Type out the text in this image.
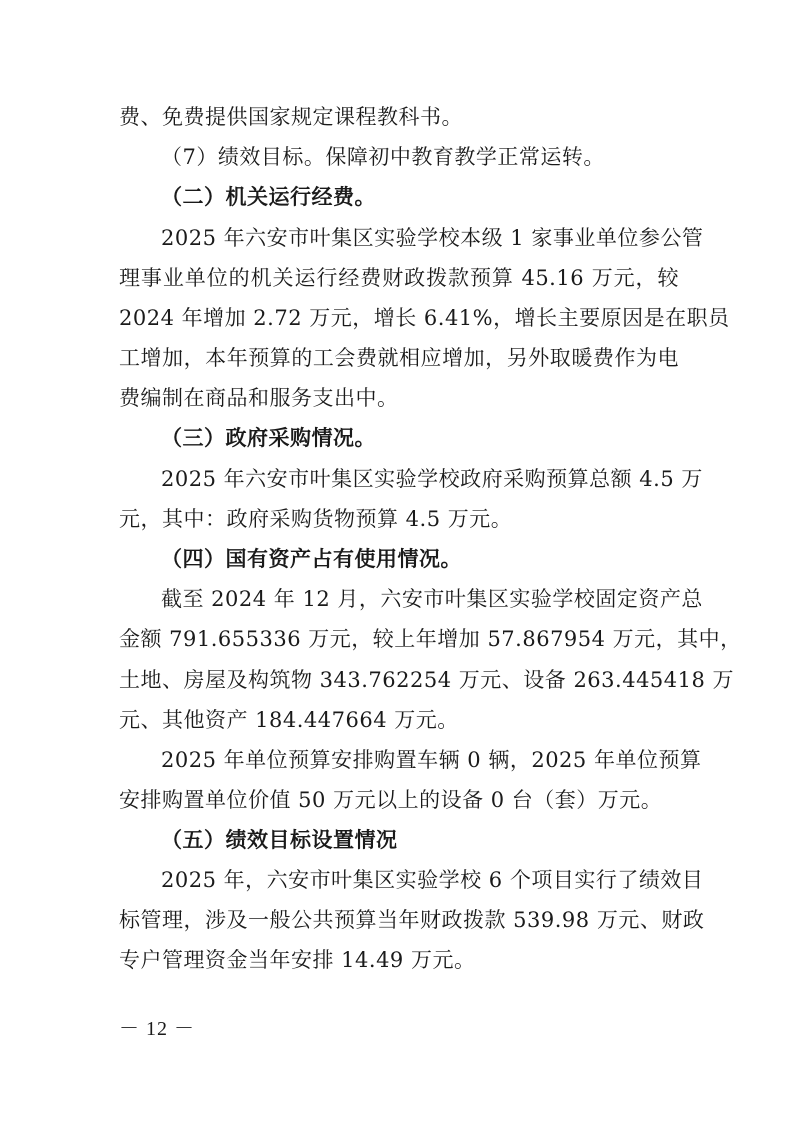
费、免费提供国家规定课程教科书。
（7）绩效目标。保障初中教育教学正常运转。
（二）机关运行经费。
2025 年六安市叶集区实验学校本级 1 家事业单位参公管
理事业单位的机关运行经费财政拨款预算 45.16 万元，较
2024 年增加 2.72 万元，增长 6.41%，增长主要原因是在职员
工增加，本年预算的工会费就相应增加，另外取暖费作为电
费编制在商品和服务支出中。
（三）政府采购情况。
2025 年六安市叶集区实验学校政府采购预算总额 4.5 万
元，其中：政府采购货物预算 4.5 万元。
（四）国有资产占有使用情况。
截至 2024 年 12 月，六安市叶集区实验学校固定资产总
金额 791.655336 万元，较上年增加 57.867954 万元，其中，
土地、房屋及构筑物 343.762254 万元、设备 263.445418 万
元、其他资产 184.447664 万元。
2025 年单位预算安排购置车辆 0 辆，2025 年单位预算
安排购置单位价值 50 万元以上的设备 0 台（套）万元。
（五）绩效目标设置情况
2025 年，六安市叶集区实验学校 6 个项目实行了绩效目
标管理，涉及一般公共预算当年财政拨款 539.98 万元、财政
专户管理资金当年安排 14.49 万元。
－ 12 －
